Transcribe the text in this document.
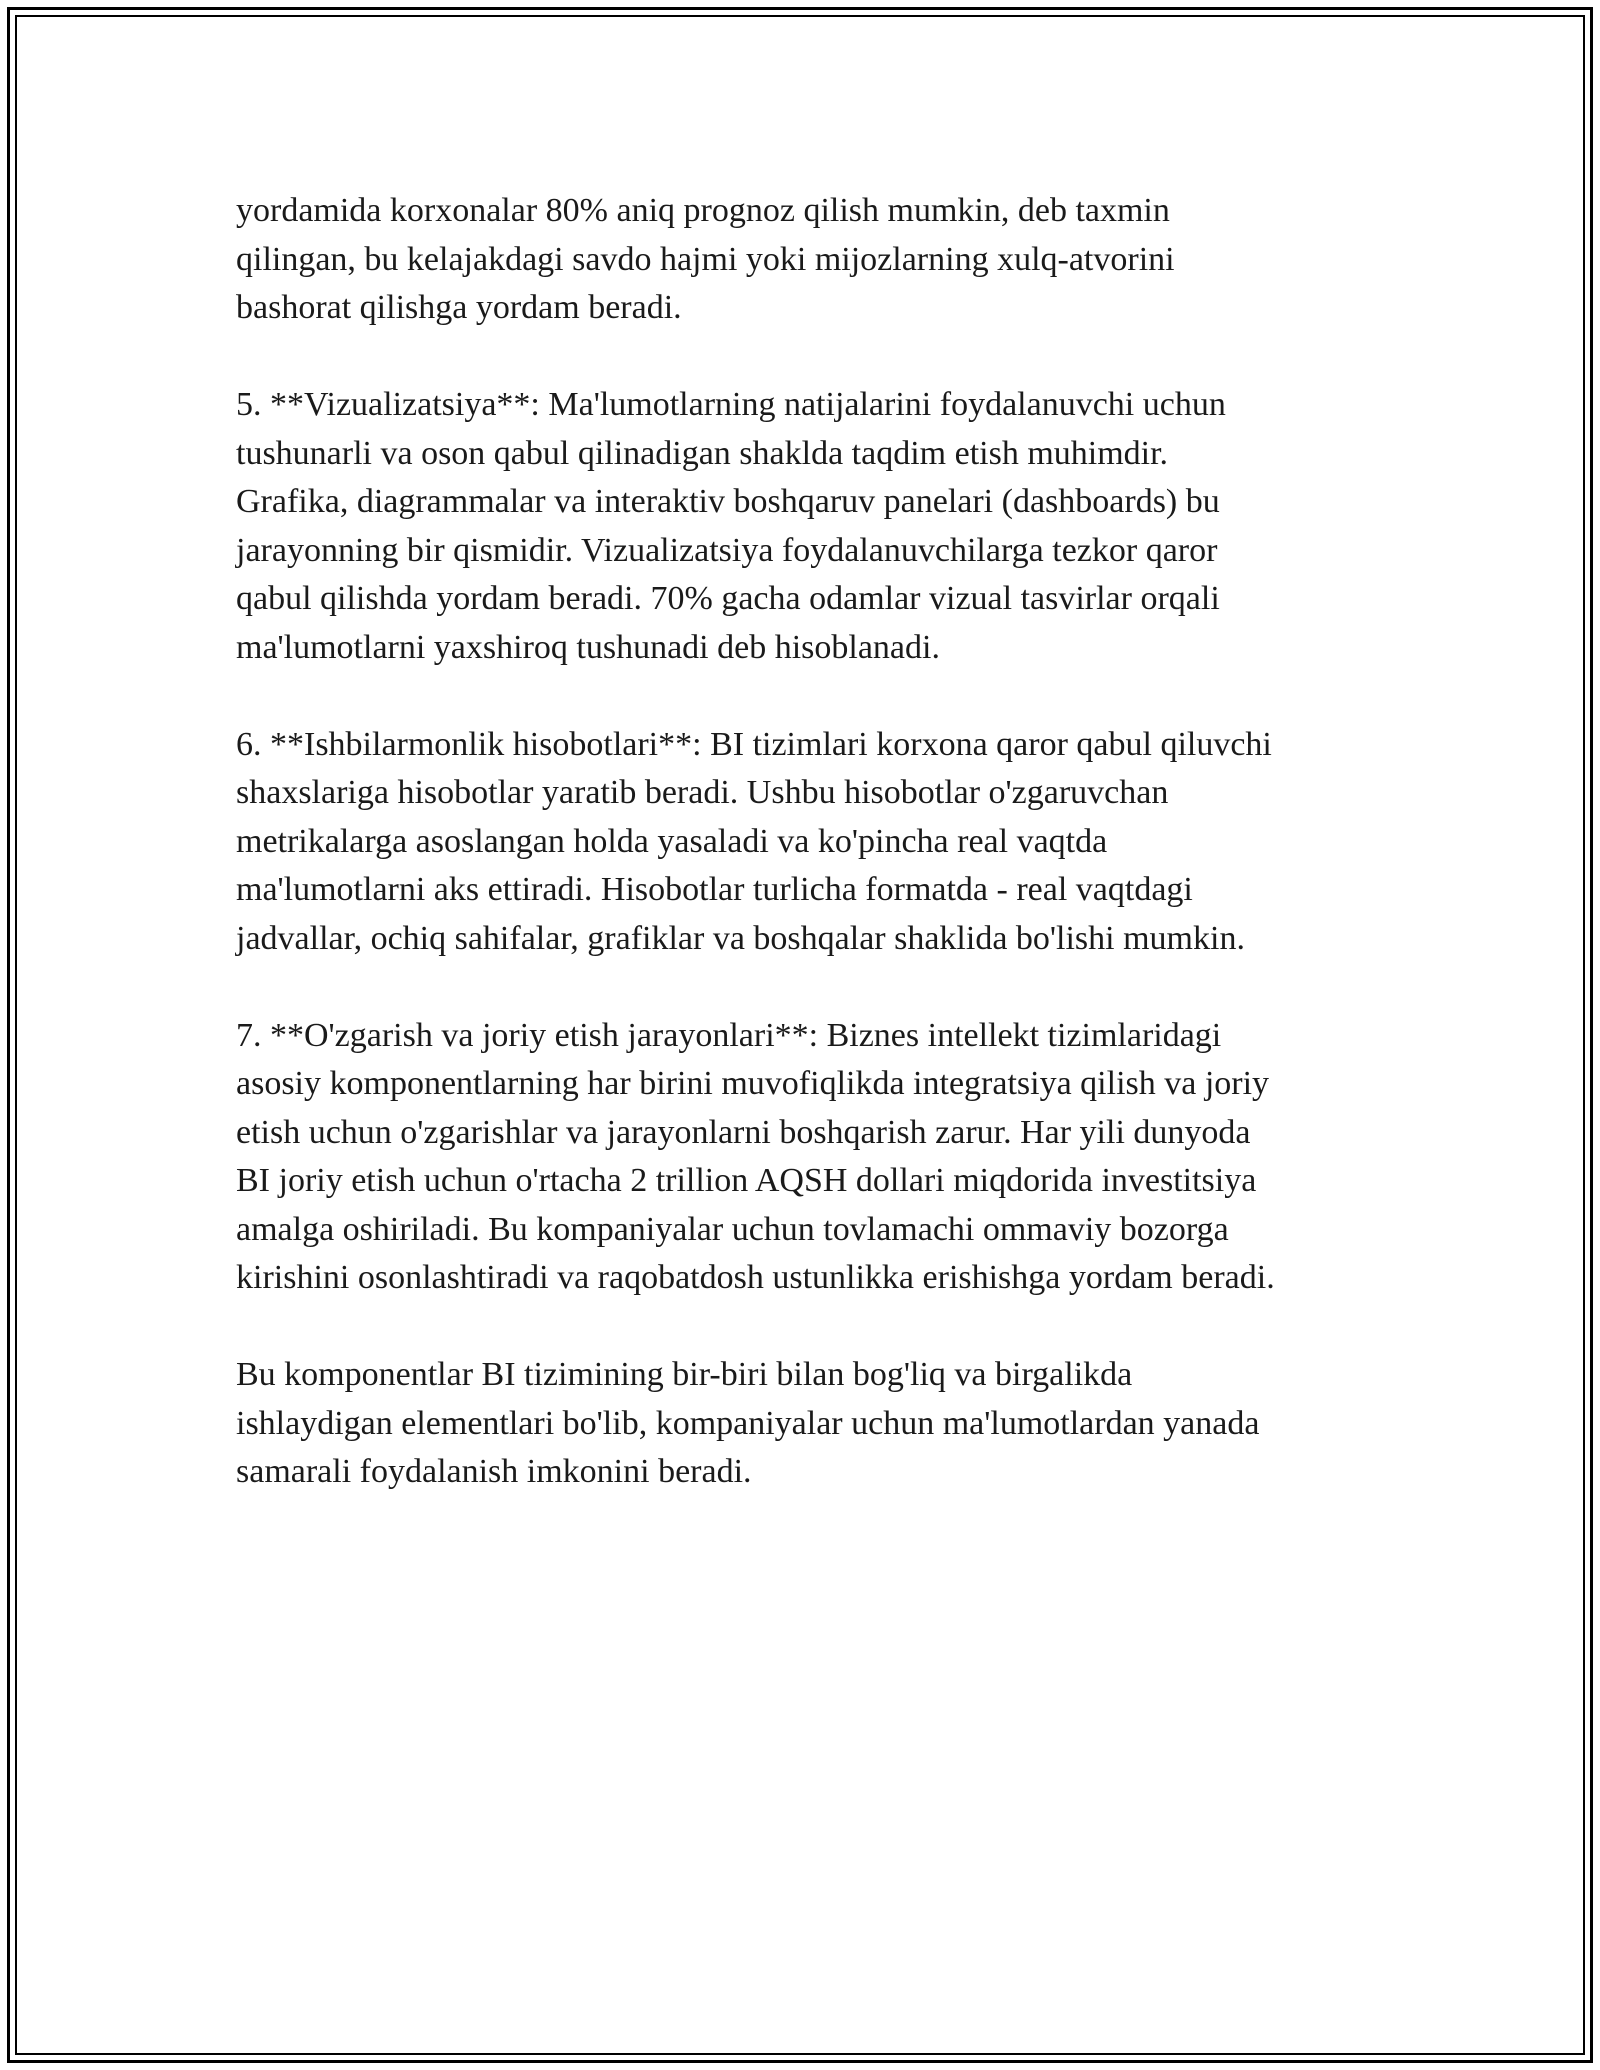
yordamida korxonalar 80% aniq prognoz qilish mumkin, deb taxmin
qilingan, bu kelajakdagi savdo hajmi yoki mijozlarning xulq-atvorini
bashorat qilishga yordam beradi.

5. **Vizualizatsiya**: Ma'lumotlarning natijalarini foydalanuvchi uchun
tushunarli va oson qabul qilinadigan shaklda taqdim etish muhimdir.
Grafika, diagrammalar va interaktiv boshqaruv panelari (dashboards) bu
jarayonning bir qismidir. Vizualizatsiya foydalanuvchilarga tezkor qaror
qabul qilishda yordam beradi. 70% gacha odamlar vizual tasvirlar orqali
ma'lumotlarni yaxshiroq tushunadi deb hisoblanadi.

6. **Ishbilarmonlik hisobotlari**: BI tizimlari korxona qaror qabul qiluvchi
shaxslariga hisobotlar yaratib beradi. Ushbu hisobotlar o'zgaruvchan
metrikalarga asoslangan holda yasaladi va ko'pincha real vaqtda
ma'lumotlarni aks ettiradi. Hisobotlar turlicha formatda - real vaqtdagi
jadvallar, ochiq sahifalar, grafiklar va boshqalar shaklida bo'lishi mumkin.

7. **O'zgarish va joriy etish jarayonlari**: Biznes intellekt tizimlaridagi
asosiy komponentlarning har birini muvofiqlikda integratsiya qilish va joriy
etish uchun o'zgarishlar va jarayonlarni boshqarish zarur. Har yili dunyoda
BI joriy etish uchun o'rtacha 2 trillion AQSH dollari miqdorida investitsiya
amalga oshiriladi. Bu kompaniyalar uchun tovlamachi ommaviy bozorga
kirishini osonlashtiradi va raqobatdosh ustunlikka erishishga yordam beradi.

Bu komponentlar BI tizimining bir-biri bilan bog'liq va birgalikda
ishlaydigan elementlari bo'lib, kompaniyalar uchun ma'lumotlardan yanada
samarali foydalanish imkonini beradi.
